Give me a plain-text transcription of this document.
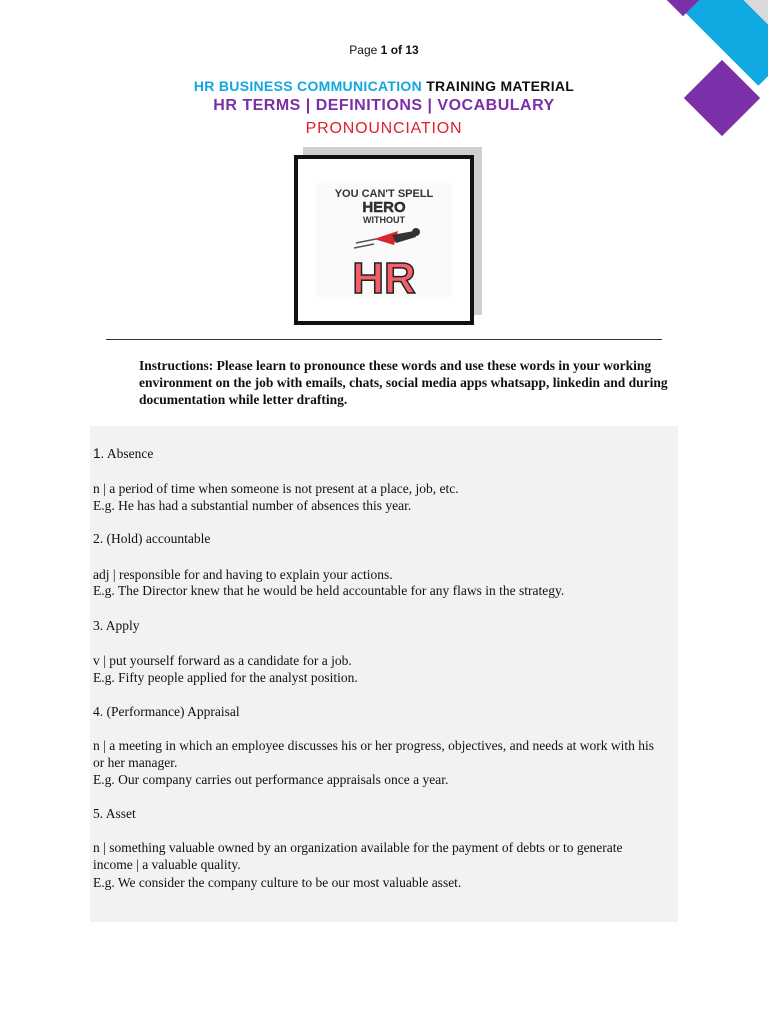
Page 1 of 13
HR BUSINESS COMMUNICATION TRAINING MATERIAL
HR TERMS | DEFINITIONS | VOCABULARY
PRONOUNCIATION
YOU CAN'T SPELL
HERO
WITHOUT
HR
Instructions: Please learn to pronounce these words and use these words in your working environment on the job with emails, chats, social media apps whatsapp, linkedin and during documentation while letter drafting.
1. Absence
n | a period of time when someone is not present at a place, job, etc.
E.g. He has had a substantial number of absences this year.
2. (Hold) accountable
adj | responsible for and having to explain your actions.
E.g. The Director knew that he would be held accountable for any flaws in the strategy.
3. Apply
v | put yourself forward as a candidate for a job.
E.g. Fifty people applied for the analyst position.
4. (Performance) Appraisal
n | a meeting in which an employee discusses his or her progress, objectives, and needs at work with his or her manager.
E.g. Our company carries out performance appraisals once a year.
5. Asset
n | something valuable owned by an organization available for the payment of debts or to generate income | a valuable quality.
E.g. We consider the company culture to be our most valuable asset.
